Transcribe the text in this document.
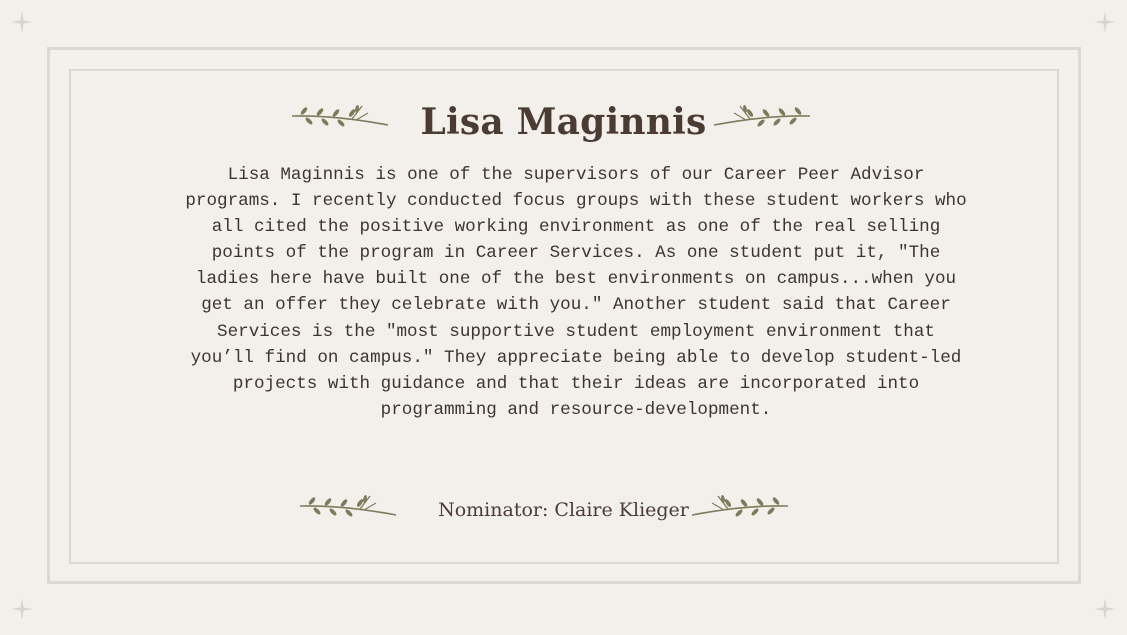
Lisa Maginnis

Lisa Maginnis is one of the supervisors of our Career Peer Advisor programs. I recently conducted focus groups with these student workers who all cited the positive working environment as one of the real selling points of the program in Career Services. As one student put it, "The ladies here have built one of the best environments on campus...when you get an offer they celebrate with you." Another student said that Career Services is the "most supportive student employment environment that you’ll find on campus." They appreciate being able to develop student-led projects with guidance and that their ideas are incorporated into programming and resource-development.

Nominator: Claire Klieger
